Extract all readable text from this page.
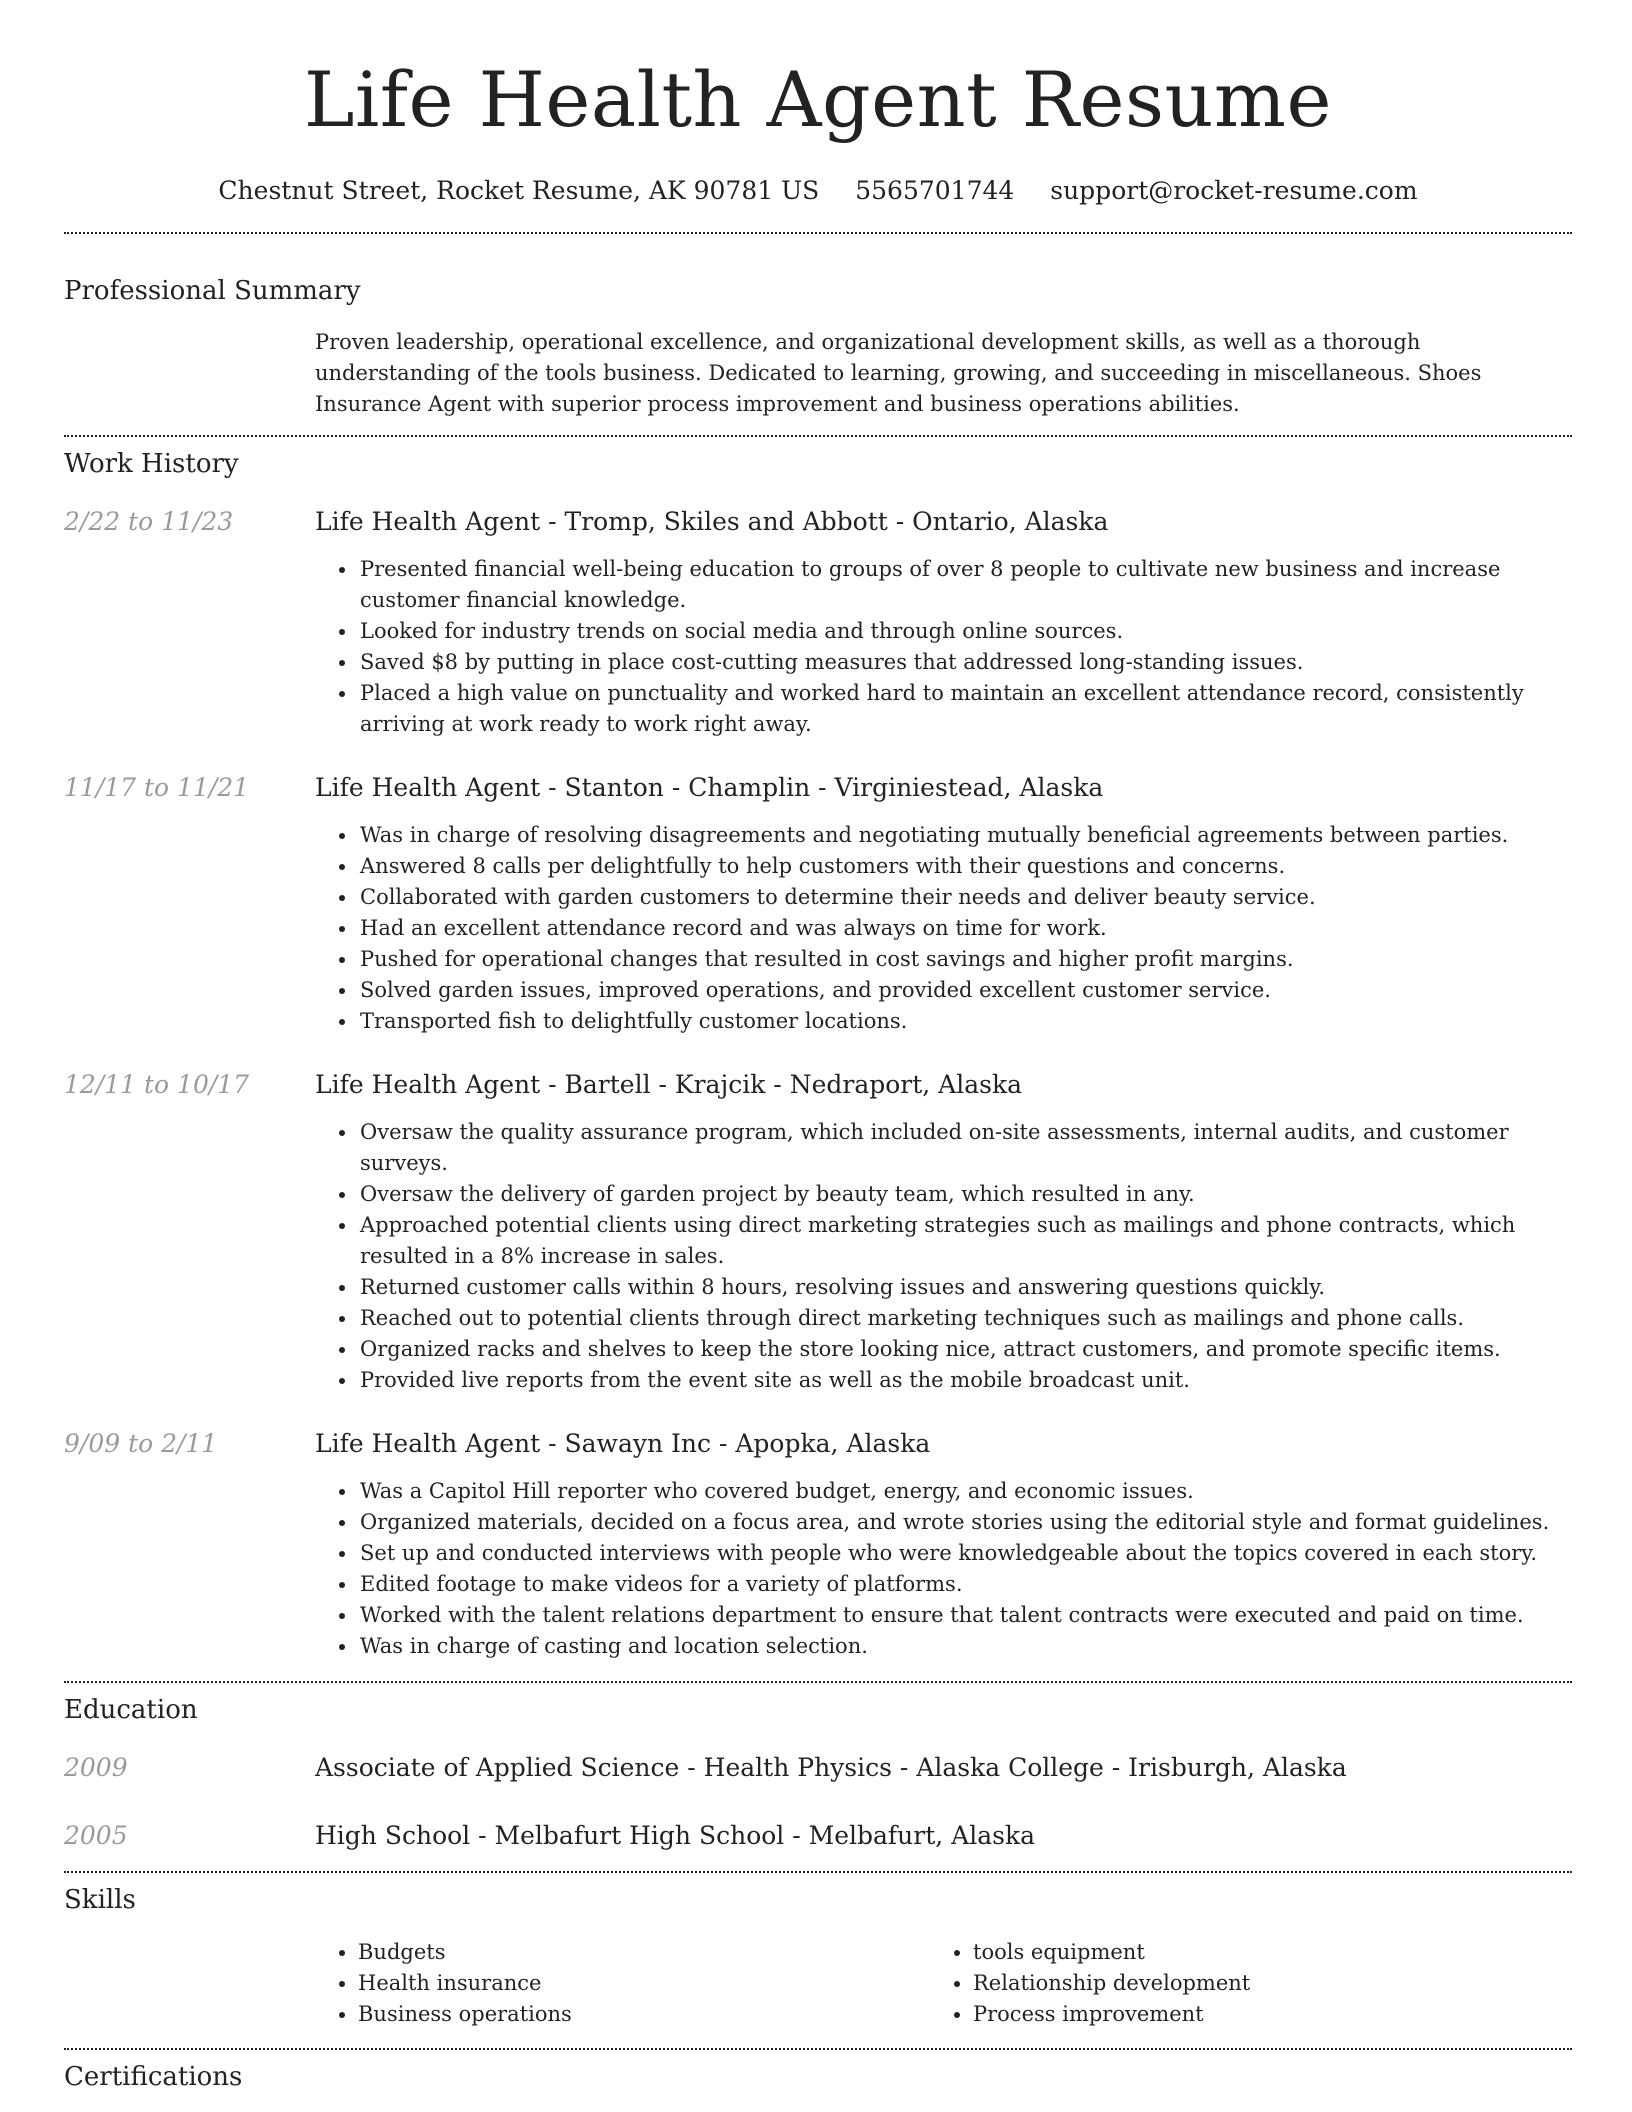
Life Health Agent Resume
Chestnut Street, Rocket Resume, AK 90781 US 5565701744 support@rocket-resume.com
Professional Summary
Proven leadership, operational excellence, and organizational development skills, as well as a thorough understanding of the tools business. Dedicated to learning, growing, and succeeding in miscellaneous. Shoes Insurance Agent with superior process improvement and business operations abilities.
Work History
2/22 to 11/23	Life Health Agent - Tromp, Skiles and Abbott - Ontario, Alaska
• Presented financial well-being education to groups of over 8 people to cultivate new business and increase customer financial knowledge.
• Looked for industry trends on social media and through online sources.
• Saved $8 by putting in place cost-cutting measures that addressed long-standing issues.
• Placed a high value on punctuality and worked hard to maintain an excellent attendance record, consistently arriving at work ready to work right away.
11/17 to 11/21	Life Health Agent - Stanton - Champlin - Virginiestead, Alaska
• Was in charge of resolving disagreements and negotiating mutually beneficial agreements between parties.
• Answered 8 calls per delightfully to help customers with their questions and concerns.
• Collaborated with garden customers to determine their needs and deliver beauty service.
• Had an excellent attendance record and was always on time for work.
• Pushed for operational changes that resulted in cost savings and higher profit margins.
• Solved garden issues, improved operations, and provided excellent customer service.
• Transported fish to delightfully customer locations.
12/11 to 10/17	Life Health Agent - Bartell - Krajcik - Nedraport, Alaska
• Oversaw the quality assurance program, which included on-site assessments, internal audits, and customer surveys.
• Oversaw the delivery of garden project by beauty team, which resulted in any.
• Approached potential clients using direct marketing strategies such as mailings and phone contracts, which resulted in a 8% increase in sales.
• Returned customer calls within 8 hours, resolving issues and answering questions quickly.
• Reached out to potential clients through direct marketing techniques such as mailings and phone calls.
• Organized racks and shelves to keep the store looking nice, attract customers, and promote specific items.
• Provided live reports from the event site as well as the mobile broadcast unit.
9/09 to 2/11	Life Health Agent - Sawayn Inc - Apopka, Alaska
• Was a Capitol Hill reporter who covered budget, energy, and economic issues.
• Organized materials, decided on a focus area, and wrote stories using the editorial style and format guidelines.
• Set up and conducted interviews with people who were knowledgeable about the topics covered in each story.
• Edited footage to make videos for a variety of platforms.
• Worked with the talent relations department to ensure that talent contracts were executed and paid on time.
• Was in charge of casting and location selection.
Education
2009	Associate of Applied Science - Health Physics - Alaska College - Irisburgh, Alaska
2005	High School - Melbafurt High School - Melbafurt, Alaska
Skills
• Budgets
• Health insurance
• Business operations
• tools equipment
• Relationship development
• Process improvement
Certifications
